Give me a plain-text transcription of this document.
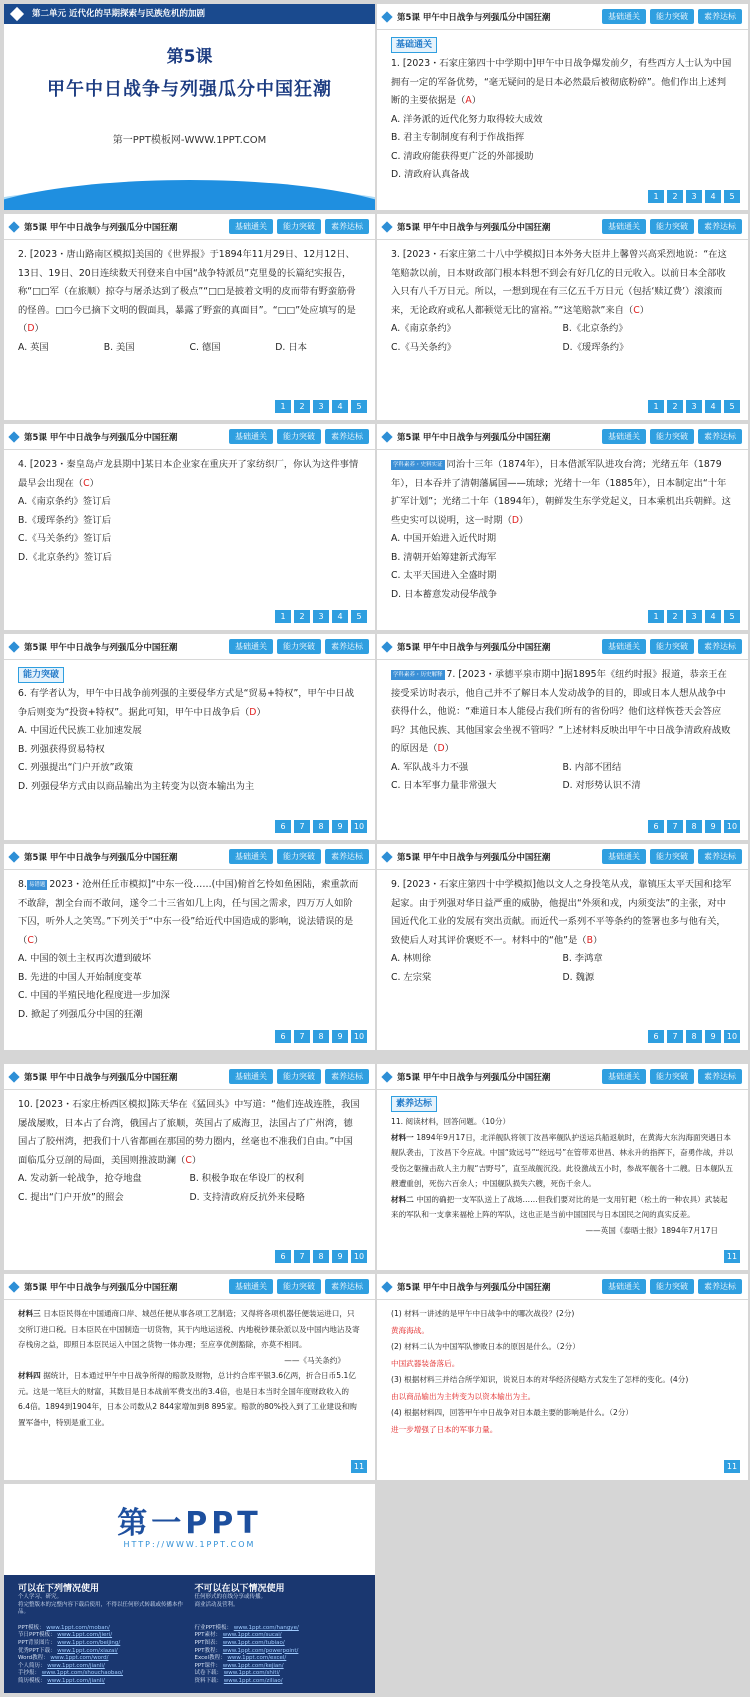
第二单元 近代化的早期探索与民族危机的加剧
第5课
甲午中日战争与列强瓜分中国狂潮
第一PPT模板网-WWW.1PPT.COM
第5课 甲午中日战争与列强瓜分中国狂潮	基础通关	能力突破	素养达标
基础通关
1. [2023・石家庄第四十中学期中]甲午中日战争爆发前夕，有些西方人士认为中国拥有一定的军备优势，“毫无疑问的是日本必然最后被彻底粉碎”。他们作出上述判断的主要依据是（A）
A. 洋务派的近代化努力取得较大成效
B. 君主专制制度有利于作战指挥
C. 清政府能获得更广泛的外部援助
D. 清政府认真备战
1	2	3	4	5
第5课 甲午中日战争与列强瓜分中国狂潮	基础通关	能力突破	素养达标
2. [2023・唐山路南区模拟]美国的《世界报》于1894年11月29日、12月12日、13日、19日、20日连续数天刊登来自中国“战争特派员”克里曼的长篇纪实报告，称“□□军（在旅顺）掠夺与屠杀达到了极点”“□□是披着文明的皮而带有野蛮筋骨的怪兽。□□今已摘下文明的假面具，暴露了野蛮的真面目”。“□□”处应填写的是（D）
A. 英国	B. 美国	C. 德国	D. 日本
1	2	3	4	5
第5课 甲午中日战争与列强瓜分中国狂潮	基础通关	能力突破	素养达标
3. [2023・石家庄第二十八中学模拟]日本外务大臣井上馨曾兴高采烈地说：“在这笔赔款以前，日本财政部门根本料想不到会有好几亿的日元收入。以前日本全部收入只有八千万日元。所以，一想到现在有三亿五千万日元（包括‘赎辽费’）滚滚而来，无论政府或私人都顿觉无比的富裕。”“这笔赔款”来自（C）
A.《南京条约》	B.《北京条约》
C.《马关条约》	D.《瑷珲条约》
1	2	3	4	5
第5课 甲午中日战争与列强瓜分中国狂潮	基础通关	能力突破	素养达标
4. [2023・秦皇岛卢龙县期中]某日本企业家在重庆开了家纺织厂，你认为这件事情最早会出现在（C）
A.《南京条约》签订后
B.《瑷珲条约》签订后
C.《马关条约》签订后
D.《北京条约》签订后
1	2	3	4	5
第5课 甲午中日战争与列强瓜分中国狂潮	基础通关	能力突破	素养达标
学科素养・史料实证 同治十三年（1874年），日本借派军队进攻台湾；光绪五年（1879年），日本吞并了清朝藩属国——琉球；光绪十一年（1885年），日本制定出“十年扩军计划”；光绪二十年（1894年），朝鲜发生东学党起义，日本乘机出兵朝鲜。这些史实可以说明，这一时期（D）
A. 中国开始进入近代时期
B. 清朝开始筹建新式海军
C. 太平天国进入全盛时期
D. 日本蓄意发动侵华战争
1	2	3	4	5
第5课 甲午中日战争与列强瓜分中国狂潮	基础通关	能力突破	素养达标
能力突破
6. 有学者认为，甲午中日战争前列强的主要侵华方式是“贸易+特权”，甲午中日战争后则变为“投资+特权”。据此可知，甲午中日战争后（D）
A. 中国近代民族工业加速发展
B. 列强获得贸易特权
C. 列强提出“门户开放”政策
D. 列强侵华方式由以商品输出为主转变为以资本输出为主
6	7	8	9	10
第5课 甲午中日战争与列强瓜分中国狂潮	基础通关	能力突破	素养达标
学科素养・历史解释 7. [2023・承德平泉市期中]据1895年《纽约时报》报道，恭亲王在接受采访时表示，他自己并不了解日本人发动战争的目的，即或日本人想从战争中获得什么，他说：“难道日本人能侵占我们所有的省份吗？他们这样恢苍天会答应吗？其他民族、其他国家会坐视不管吗？”上述材料反映出甲午中日战争清政府战败的原因是（D）
A. 军队战斗力不强	B. 内部不团结
C. 日本军事力量非常强大	D. 对形势认识不清
6	7	8	9	10
第5课 甲午中日战争与列强瓜分中国狂潮	基础通关	能力突破	素养达标
8. 易错题 2023・沧州任丘市模拟]“中东一役……(中国)俯首乞怜如鱼困陆，索重款而不敢辞，割全台而不敢问，遂令二十三省如几上肉，任与国之需求，四万万人如阶下囚，听外人之笑骂。”下列关于“中东一役”给近代中国造成的影响，说法错误的是（C）
A. 中国的领土主权再次遭到破坏
B. 先进的中国人开始制度变革
C. 中国的半殖民地化程度进一步加深
D. 掀起了列强瓜分中国的狂潮
6	7	8	9	10
第5课 甲午中日战争与列强瓜分中国狂潮	基础通关	能力突破	素养达标
9. [2023・石家庄第四十中学模拟]他以文人之身投笔从戎，靠镇压太平天国和捻军起家。由于列强对华日益严重的威胁，他提出“外须和戎，内须变法”的主张，对中国近代化工业的发展有突出贡献。而近代一系列不平等条约的签署也多与他有关，致使后人对其评价褒贬不一。材料中的“他”是（B）
A. 林则徐	B. 李鸿章
C. 左宗棠	D. 魏源
6	7	8	9	10
第5课 甲午中日战争与列强瓜分中国狂潮	基础通关	能力突破	素养达标
10. [2023・石家庄桥西区模拟]陈天华在《猛回头》中写道：“他们连战连胜，我国屡战屡败，日本占了台湾，俄国占了旅顺，英国占了威海卫，法国占了广州湾，德国占了胶州湾，把我们十八省都画在那国的势力圈内，丝毫也不准我们自由。”中国面临瓜分豆剖的局面，美国则推波助澜（C）
A. 发动新一轮战争，抢夺地盘	B. 积极争取在华设厂的权利
C. 提出“门户开放”的照会	D. 支持清政府反抗外来侵略
6	7	8	9	10
第5课 甲午中日战争与列强瓜分中国狂潮	基础通关	能力突破	素养达标
素养达标
11. 阅读材料，回答问题。（10分）
材料一 1894年9月17日，北洋舰队将领丁汝昌率舰队护送运兵船返航时，在黄海大东沟海面突遇日本舰队袭击，丁汝昌下令应战。中国“致远号”“经远号”在管带邓世昌、林永升的指挥下，奋勇作战，并以受伤之躯撞击敌人主力舰“吉野号”，直至战舰沉没。此役激战五小时，参战军舰各十二艘。日本舰队五艘遭重创，死伤六百余人；中国舰队损失六艘，死伤千余人。
材料二 中国的确把一支军队送上了战场……但我们要对比的是一支用钉耙（松土的一种农具）武装起来的军队和一支拿来福枪上阵的军队，这也正是当前中国国民与日本国民之间的真实反差。
——英国《泰晤士报》1894年7月17日
11
第5课 甲午中日战争与列强瓜分中国狂潮	基础通关	能力突破	素养达标
材料三 日本臣民得在中国通商口岸、城邑任便从事各项工艺制造；又得将各项机器任便装运进口，只交所订进口税。日本臣民在中国制造一切货物，其于内地运送税、内地税钞课杂派以及中国内地沾及寄存栈房之益，即照日本臣民运入中国之货物一体办理；至应享优例豁除，亦莫不相同。
——《马关条约》
材料四 据统计，日本通过甲午中日战争所得的赔款及财物，总计约合库平银3.6亿两，折合日币5.1亿元。这是一笔巨大的财富，其数目是日本战前军费支出的3.4倍，也是日本当时全国年度财政收入的6.4倍。1894到1904年，日本公司数从2 844家增加到8 895家。赔款的80%投入到了工业建设和购置军备中，特别是重工业。
11
第5课 甲午中日战争与列强瓜分中国狂潮	基础通关	能力突破	素养达标
(1) 材料一讲述的是甲午中日战争中的哪次战役？(2分)
黄海海战。
(2) 材料二认为中国军队惨败日本的原因是什么。（2分）
中国武器装备落后。
(3) 根据材料三并结合所学知识，说说日本的对华经济侵略方式发生了怎样的变化。(4分)
由以商品输出为主转变为以资本输出为主。
(4) 根据材料四，回答甲午中日战争对日本最主要的影响是什么。（2分）
进一步增强了日本的军事力量。
11
第一PPT
HTTP://WWW.1PPT.COM
可以在下列情况使用
个人学习、研究。
将完整版本的完整内容下载后使用，不得以任何形式转载或传播本作品。
不可以在以下情况使用
任何形式的在线分享或传播。
商业活动及营利。
PPT模板： www.1ppt.com/moban/
节日PPT模板： www.1ppt.com/jieri/
PPT背景图片： www.1ppt.com/beijing/
优秀PPT下载： www.1ppt.com/xiazai/
Word教程： www.1ppt.com/word/
个人简历： www.1ppt.com/jianli/
手抄报： www.1ppt.com/shouchaobao/
简历模板： www.1ppt.com/jianli/
行业PPT模板： www.1ppt.com/hangye/
PPT素材： www.1ppt.com/sucai/
PPT图表： www.1ppt.com/tubiao/
PPT教程： www.1ppt.com/powerpoint/
Excel教程： www.1ppt.com/excel/
PPT课件： www.1ppt.com/kejian/
试卷下载： www.1ppt.com/shiti/
资料下载： www.1ppt.com/ziliao/
